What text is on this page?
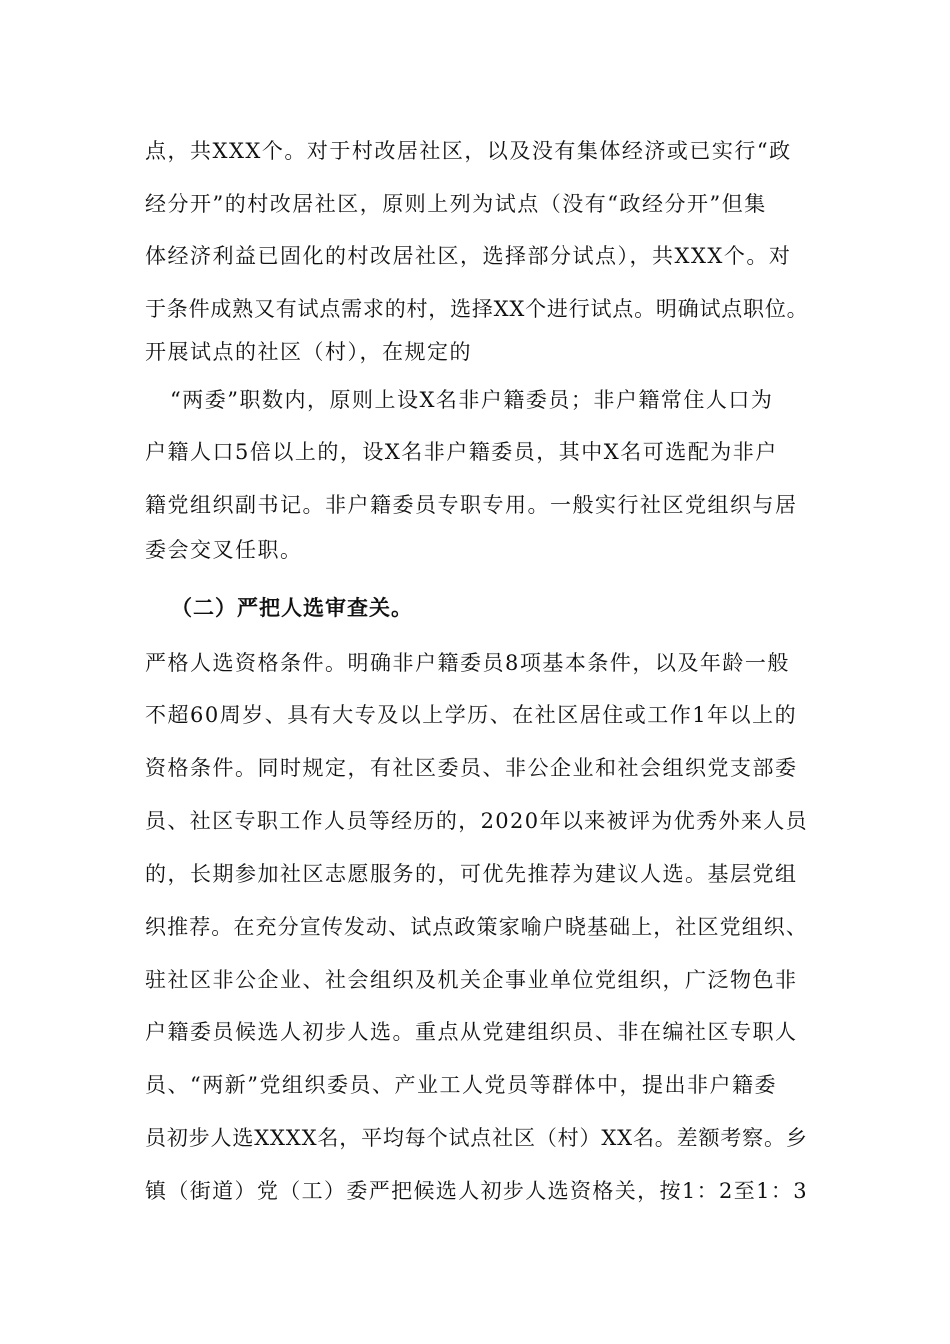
点，共XXX个。对于村改居社区，以及没有集体经济或已实行“政
经分开”的村改居社区，原则上列为试点（没有“政经分开”但集
体经济利益已固化的村改居社区，选择部分试点），共XXX个。对
于条件成熟又有试点需求的村，选择XX个进行试点。明确试点职位。
开展试点的社区（村），在规定的
“两委”职数内，原则上设X名非户籍委员；非户籍常住人口为
户籍人口5倍以上的，设X名非户籍委员，其中X名可选配为非户
籍党组织副书记。非户籍委员专职专用。一般实行社区党组织与居
委会交叉任职。
（二）严把人选审查关。
严格人选资格条件。明确非户籍委员8项基本条件，以及年龄一般
不超60周岁、具有大专及以上学历、在社区居住或工作1年以上的
资格条件。同时规定，有社区委员、非公企业和社会组织党支部委
员、社区专职工作人员等经历的，2020年以来被评为优秀外来人员
的，长期参加社区志愿服务的，可优先推荐为建议人选。基层党组
织推荐。在充分宣传发动、试点政策家喻户晓基础上，社区党组织、
驻社区非公企业、社会组织及机关企事业单位党组织，广泛物色非
户籍委员候选人初步人选。重点从党建组织员、非在编社区专职人
员、“两新”党组织委员、产业工人党员等群体中，提出非户籍委
员初步人选XXXX名，平均每个试点社区（村）XX名。差额考察。乡
镇（街道）党（工）委严把候选人初步人选资格关，按1：2至1：3
